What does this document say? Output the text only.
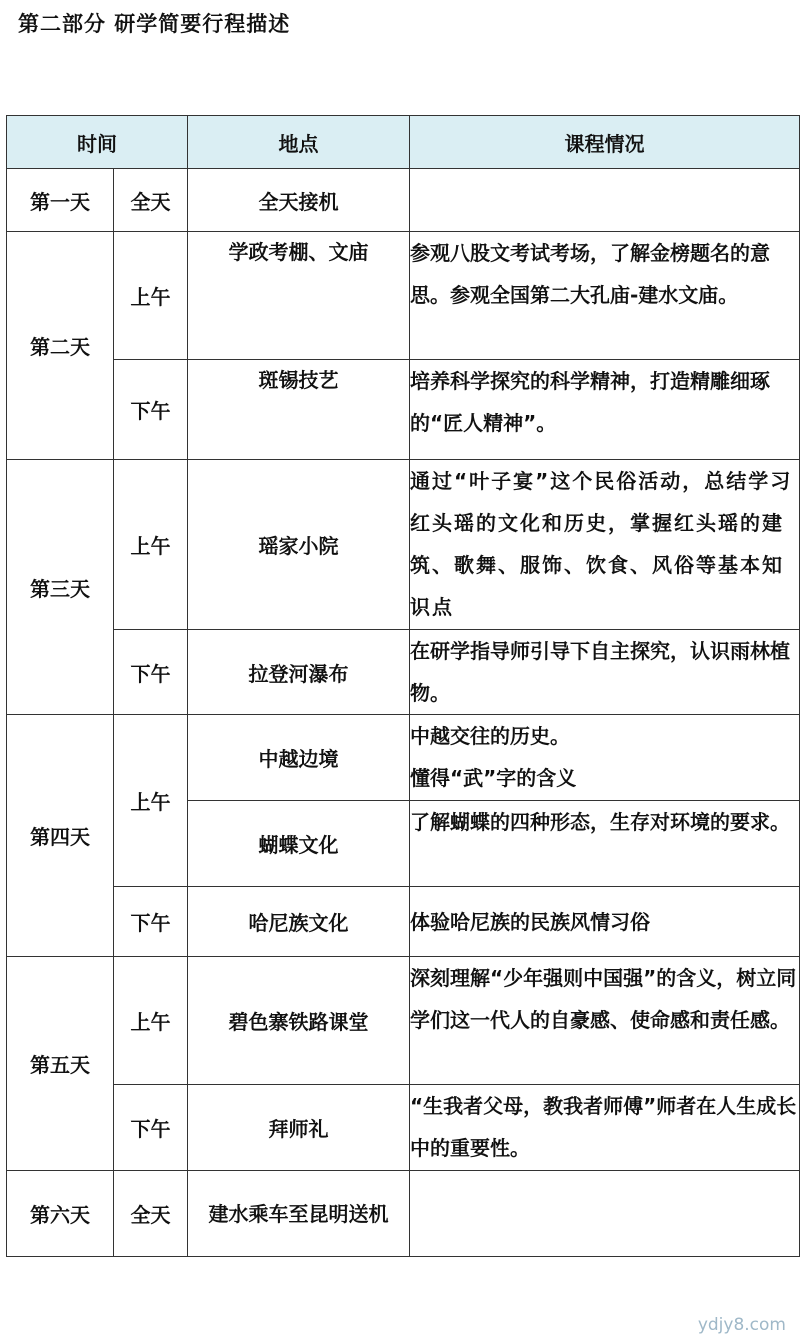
第二部分 研学简要行程描述
时间		地点	课程情况
第一天	全天	全天接机	
第二天	上午	学政考棚、文庙	参观八股文考试考场，了解金榜题名的意思。参观全国第二大孔庙-建水文庙。
	下午	斑锡技艺	培养科学探究的科学精神，打造精雕细琢的“匠人精神”。
第三天	上午	瑶家小院	通过“叶子宴”这个民俗活动，总结学习红头瑶的文化和历史，掌握红头瑶的建筑、歌舞、服饰、饮食、风俗等基本知识点
	下午	拉登河瀑布	在研学指导师引导下自主探究，认识雨林植物。
第四天	上午	中越边境	中越交往的历史。
懂得“武”字的含义

		蝴蝶文化	了解蝴蝶的四种形态，生存对环境的要求。
	下午	哈尼族文化	体验哈尼族的民族风情习俗
第五天	上午	碧色寨铁路课堂	深刻理解“少年强则中国强”的含义，树立同学们这一代人的自豪感、使命感和责任感。
	下午	拜师礼	“生我者父母，教我者师傅”师者在人生成长中的重要性。
第六天	全天	建水乘车至昆明送机	
ydjy8.com
